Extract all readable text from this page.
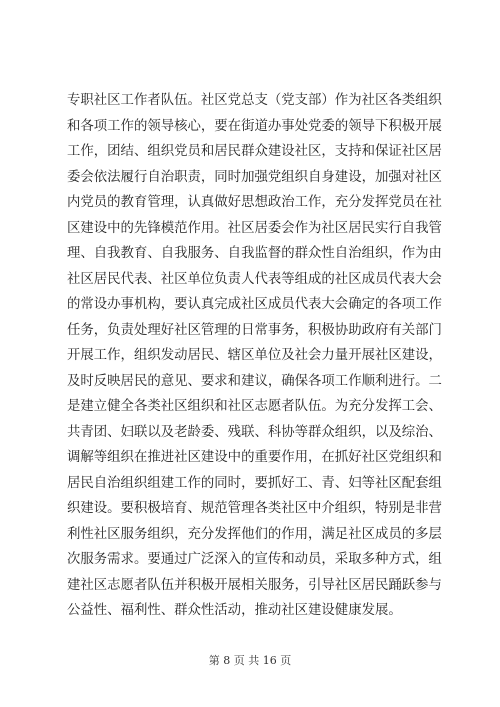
专职社区工作者队伍。社区党总支（党支部）作为社区各类组织
和各项工作的领导核心，要在街道办事处党委的领导下积极开展
工作，团结、组织党员和居民群众建设社区，支持和保证社区居
委会依法履行自治职责，同时加强党组织自身建设，加强对社区
内党员的教育管理，认真做好思想政治工作，充分发挥党员在社
区建设中的先锋模范作用。社区居委会作为社区居民实行自我管
理、自我教育、自我服务、自我监督的群众性自治组织，作为由
社区居民代表、社区单位负责人代表等组成的社区成员代表大会
的常设办事机构，要认真完成社区成员代表大会确定的各项工作
任务，负责处理好社区管理的日常事务，积极协助政府有关部门
开展工作，组织发动居民、辖区单位及社会力量开展社区建设，
及时反映居民的意见、要求和建议，确保各项工作顺利进行。二
是建立健全各类社区组织和社区志愿者队伍。为充分发挥工会、
共青团、妇联以及老龄委、残联、科协等群众组织，以及综治、
调解等组织在推进社区建设中的重要作用，在抓好社区党组织和
居民自治组织组建工作的同时，要抓好工、青、妇等社区配套组
织建设。要积极培育、规范管理各类社区中介组织，特别是非营
利性社区服务组织，充分发挥他们的作用，满足社区成员的多层
次服务需求。要通过广泛深入的宣传和动员，采取多种方式，组
建社区志愿者队伍并积极开展相关服务，引导社区居民踊跃参与
公益性、福利性、群众性活动，推动社区建设健康发展。
第 8 页 共 16 页
